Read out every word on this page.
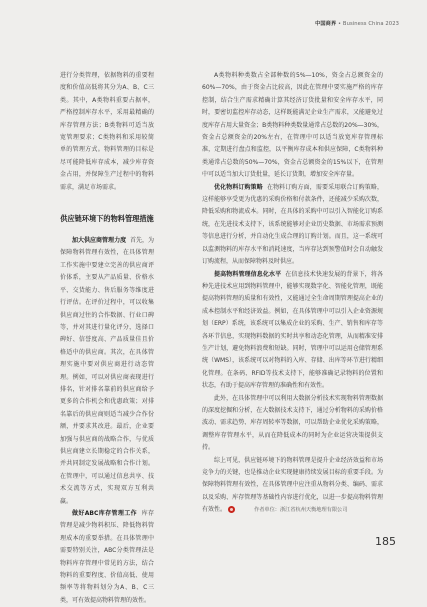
中国商界 • Business China 2023

进行分类管理，依据物料的重要程度和价值高低将其分为A、B、C三类。其中，A类物料重要占据率，严格控制库存水平，采用最精确的库存管理方法；B类物料可适当放宽管理要求；C类物料和采用较简单的管理方式。物料管理的目标是尽可能降低库存成本，减少库存资金占用，并保障生产过程中的物料需求，满足市场需求。

供应链环境下的物料管理措施

加大供应商管理力度 首先，为保障物料管理有效性，在具体管理工作实施中要建立完善的供应商评价体系，主要从产品质量、价格水平、交货能力、售后服务等维度进行评估。在评价过程中，可以收集供应商过往的合作数据、行业口碑等，并对其进行量化评分，选择口碑好、信誉度高、产品质量佳且价格适中的供应商。其次，在具体管理实施中要对供应商进行动态管理。例如，可以对供应商表现进行排名，针对排名靠前的供应商给予更多的合作机会和优惠政策；对排名靠后的供应商则适当减少合作份额，并要求其改进。最后，企业要加强与供应商的战略合作，与优质供应商建立长期稳定的合作关系，并共同制定发展战略和合作计划。在管理中，可以通过信息共享、技术交流等方式，实现双方互利共赢。

做好ABC库存管理工作 库存管理是减少物料积压、降低物料管理成本的重要举措。在具体管理中需要特别关注，ABC分类管理法是物料库存管理中常见的方法，结合物料的重要程度、价值高低、使用频率等将物料划分为A、B、C三类，可有效提高物料管理的效性。

A类物料种类数占全部种数的5%—10%，资金占总额资金的60%—70%，由于资金占比较高，因此在管理中要实施严格的库存控制，结合生产需求精确计算其经济订货批量和安全库存水平，同时，要密切监控库存动态，这样既能满足企业生产需求，又能避免过度库存占用大量资金；B类物料种类数量通常占总数的20%—30%，资金占总额资金的20%左右，在管理中可以适当放宽库存管理标准，定期进行盘点和监控，以平衡库存成本和供应保障，C类物料种类通常占总数的50%—70%，资金占总额资金的15%以下，在管理中可以适当加大订货批量，延长订货期，增加安全库存量。

优化物料订购策略 在物料订购方面，需要采用联合订购策略，这样能够享受更为优惠的采购价格和付款条件，还能减少采购次数，降低采购和物流成本。同时，在具体的采购中可以引入智能化订购系统，在先进技术支持下，该系统能够对企业历史数据、市场需求预测等信息进行分析，并自动化生成合理的订购计划。而且，这一系统可以监测物料的库存水平和消耗速度，当库存达到预警值时会自动触发订购流程，从而保障物料及时供应。

提高物料管理信息化水平 在信息技术快速发展的背景下，将各种先进技术应用到物料管理中，能够实现数字化、智能化管理，既能提高物料管理的质量和有效性，又能通过全生命周期管理提高企业的成本控制水平和经济效益。例如，在具体管理中可以引入企业资源规划（ERP）系统，该系统可以集成企业的采购、生产、销售和库存等各环节信息，实现物料数据的实时共享和动态化管理，从而精准安排生产计划，避免物料浪费和短缺。同时，管理中可以运用仓储管理系统（WMS），该系统可以对物料的入库、存储、出库等环节进行精细化管理。在条码、RFID等技术支持下，能够准确记录物料的位置和状态，有助于提高库存管理的准确性和有效性。

此外，在具体管理中可以利用大数据分析技术实现物料管理数据的深度挖掘和分析，在大数据技术支持下，通过分析物料的采购价格波动、需求趋势、库存周转率等数据，可以帮助企业优化采购策略，调整库存管理水平，从而在降低成本的同时为企业运营决策提供支持。

综上可见，供应链环境下的物料管理是提升企业经济效益和市场竞争力的关键，也是推动企业实现健康持续发展目标的重要手段。为保障物料管理有效性，在具体管理中应注重从物料分类、编码、需求以及采购、库存管理等基础性内容进行优化，以进一步提高物料管理有效性。	作者单位：浙江省杭州天衡地理有限公司
185
